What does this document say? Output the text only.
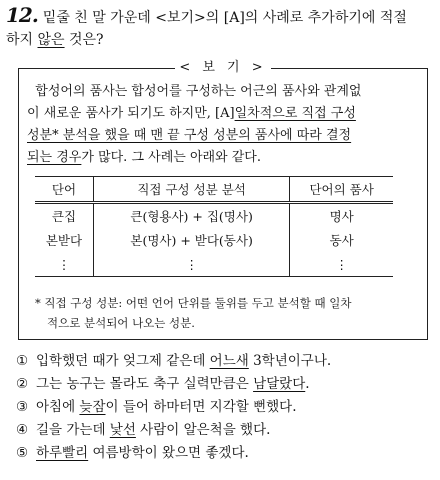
12. 밑줄 친 말 가운데 <보기>의 [A]의 사례로 추가하기에 적절
하지 않은 것은?
< 보 기 >
합성어의 품사는 합성어를 구성하는 어근의 품사와 관계없
이 새로운 품사가 되기도 하지만, [A]일차적으로 직접 구성
성분* 분석을 했을 때 맨 끝 구성 성분의 품사에 따라 결정
되는 경우가 많다. 그 사례는 아래와 같다.
단어	직접 구성 성분 분석	단어의 품사
큰집	큰(형용사) + 집(명사)	명사
본받다	본(명사) + 받다(동사)	동사
⋮	⋮	⋮
* 직접 구성 성분: 어떤 언어 단위를 둘위를 두고 분석할 때 일차
적으로 분석되어 나오는 성분.
① 입학했던 때가 엊그제 같은데 어느새 3학년이구나.
② 그는 농구는 몰라도 축구 실력만큼은 남달랐다.
③ 아침에 늦잠이 들어 하마터면 지각할 뻔했다.
④ 길을 가는데 낯선 사람이 알은척을 했다.
⑤ 하루빨리 여름방학이 왔으면 좋겠다.
